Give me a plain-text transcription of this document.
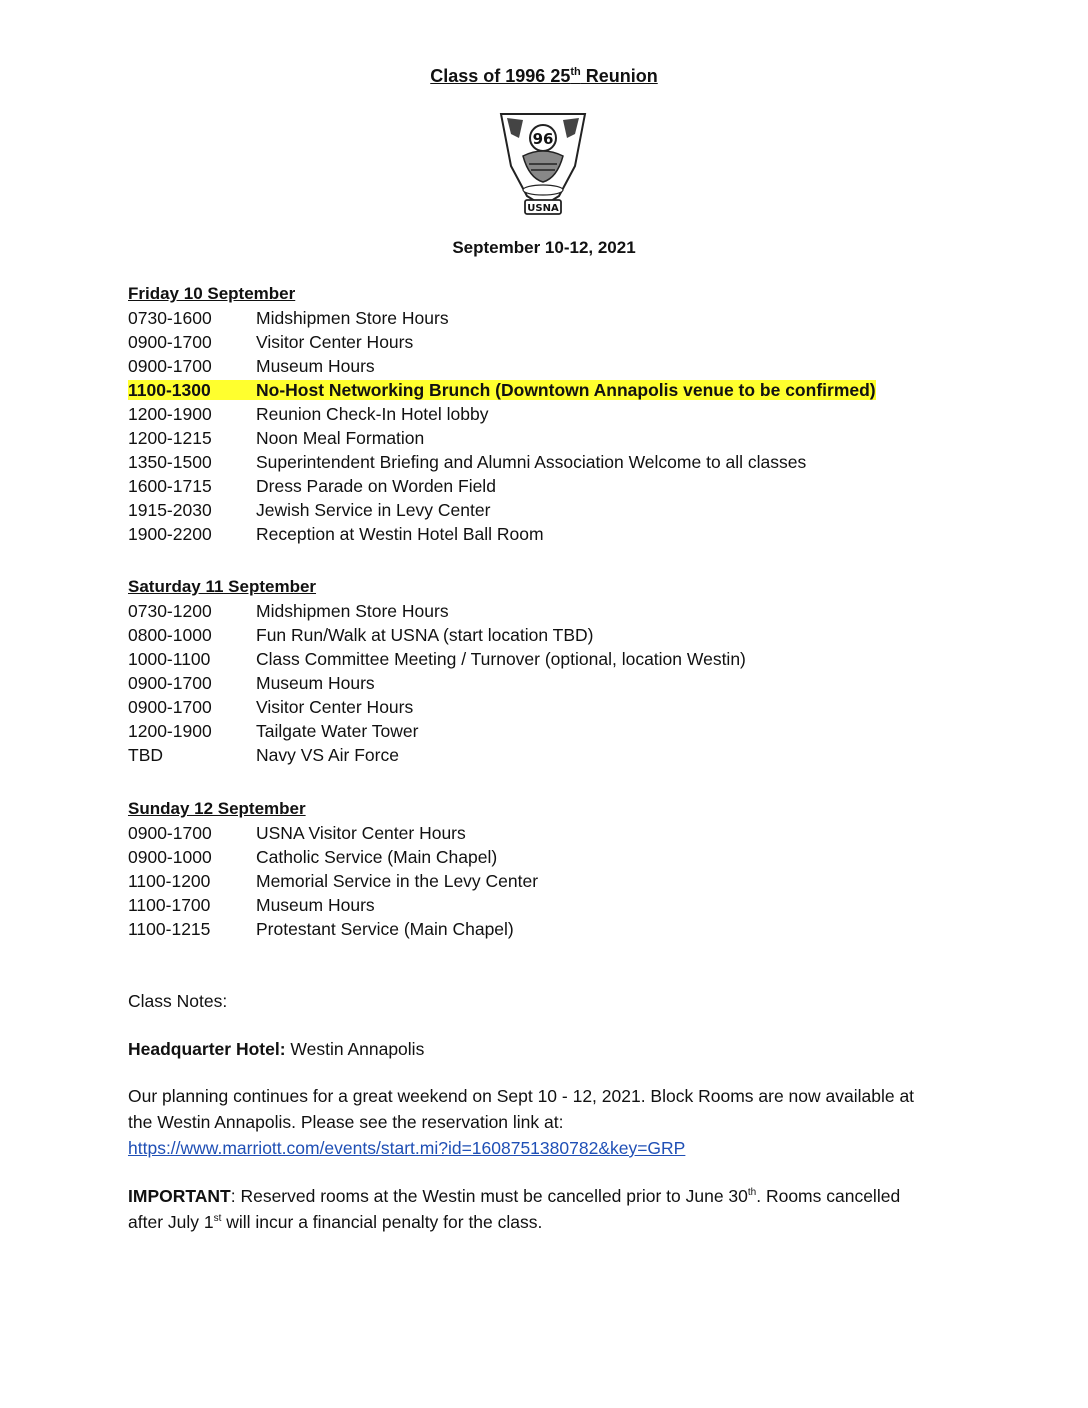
Class of 1996 25th Reunion
96
USNA
September 10-12, 2021
Friday 10 September
0730-1600	Midshipmen Store Hours
0900-1700	Visitor Center Hours
0900-1700	Museum Hours
1100-1300	No-Host Networking Brunch (Downtown Annapolis venue to be confirmed)
1200-1900	Reunion Check-In Hotel lobby
1200-1215	Noon Meal Formation
1350-1500	Superintendent Briefing and Alumni Association Welcome to all classes
1600-1715	Dress Parade on Worden Field
1915-2030	Jewish Service in Levy Center
1900-2200	Reception at Westin Hotel Ball Room
Saturday 11 September
0730-1200	Midshipmen Store Hours
0800-1000	Fun Run/Walk at USNA (start location TBD)
1000-1100	Class Committee Meeting / Turnover (optional, location Westin)
0900-1700	Museum Hours
0900-1700	Visitor Center Hours
1200-1900	Tailgate Water Tower
TBD	Navy VS Air Force
Sunday 12 September
0900-1700	USNA Visitor Center Hours
0900-1000	Catholic Service (Main Chapel)
1100-1200	Memorial Service in the Levy Center
1100-1700	Museum Hours
1100-1215	Protestant Service (Main Chapel)

Class Notes:

Headquarter Hotel: Westin Annapolis

Our planning continues for a great weekend on Sept 10 - 12, 2021. Block Rooms are now available at

the Westin Annapolis. Please see the reservation link at:

https://www.marriott.com/events/start.mi?id=1608751380782&key=GRP

IMPORTANT: Reserved rooms at the Westin must be cancelled prior to June 30th. Rooms cancelled

after July 1st will incur a financial penalty for the class.
